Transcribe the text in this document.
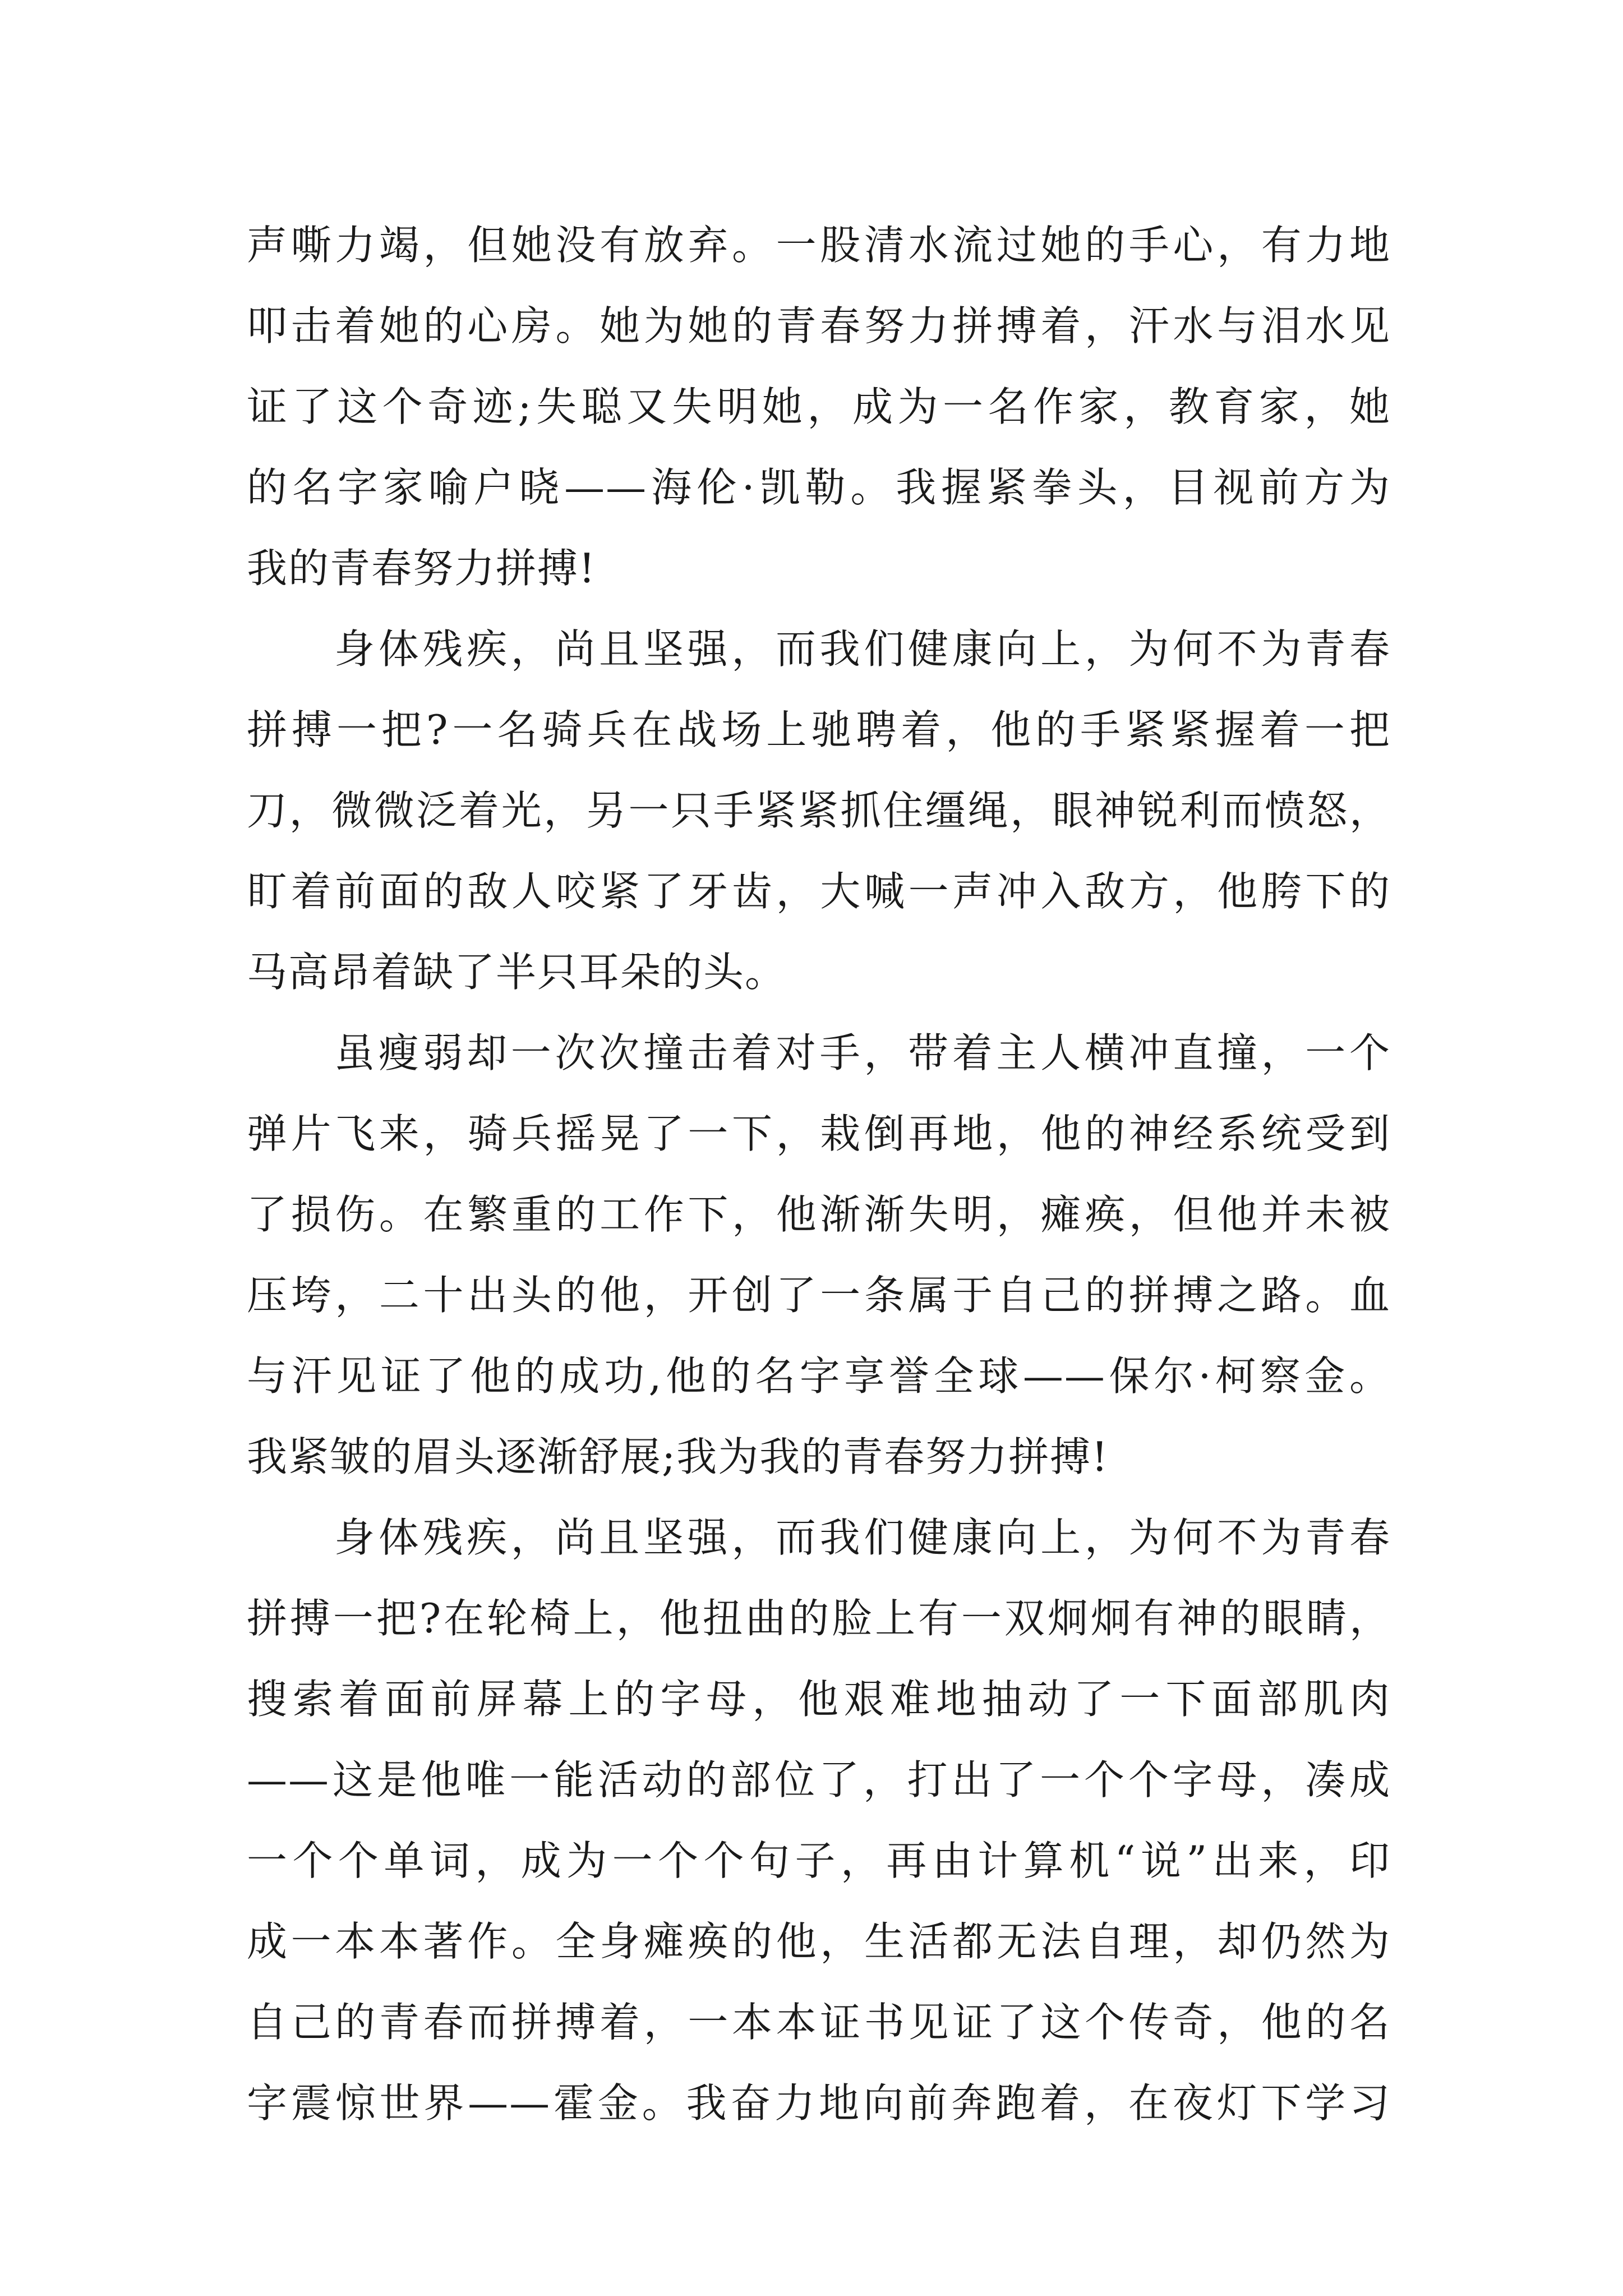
声嘶力竭，但她没有放弃。一股清水流过她的手心，有力地
叩击着她的心房。她为她的青春努力拼搏着，汗水与泪水见
证了这个奇迹;失聪又失明她，成为一名作家，教育家，她
的名字家喻户晓——海伦·凯勒。我握紧拳头，目视前方为
我的青春努力拼搏!
身体残疾，尚且坚强，而我们健康向上，为何不为青春
拼搏一把?一名骑兵在战场上驰聘着，他的手紧紧握着一把
刀，微微泛着光，另一只手紧紧抓住缰绳，眼神锐利而愤怒，
盯着前面的敌人咬紧了牙齿，大喊一声冲入敌方，他胯下的
马高昂着缺了半只耳朵的头。
虽瘦弱却一次次撞击着对手，带着主人横冲直撞，一个
弹片飞来，骑兵摇晃了一下，栽倒再地，他的神经系统受到
了损伤。在繁重的工作下，他渐渐失明，瘫痪，但他并未被
压垮，二十出头的他，开创了一条属于自己的拼搏之路。血
与汗见证了他的成功,他的名字享誉全球——保尔·柯察金。
我紧皱的眉头逐渐舒展;我为我的青春努力拼搏!
身体残疾，尚且坚强，而我们健康向上，为何不为青春
拼搏一把?在轮椅上，他扭曲的脸上有一双炯炯有神的眼睛，
搜索着面前屏幕上的字母，他艰难地抽动了一下面部肌肉
——这是他唯一能活动的部位了，打出了一个个字母，凑成
一个个单词，成为一个个句子，再由计算机“说”出来，印
成一本本著作。全身瘫痪的他，生活都无法自理，却仍然为
自己的青春而拼搏着，一本本证书见证了这个传奇，他的名
字震惊世界——霍金。我奋力地向前奔跑着，在夜灯下学习
